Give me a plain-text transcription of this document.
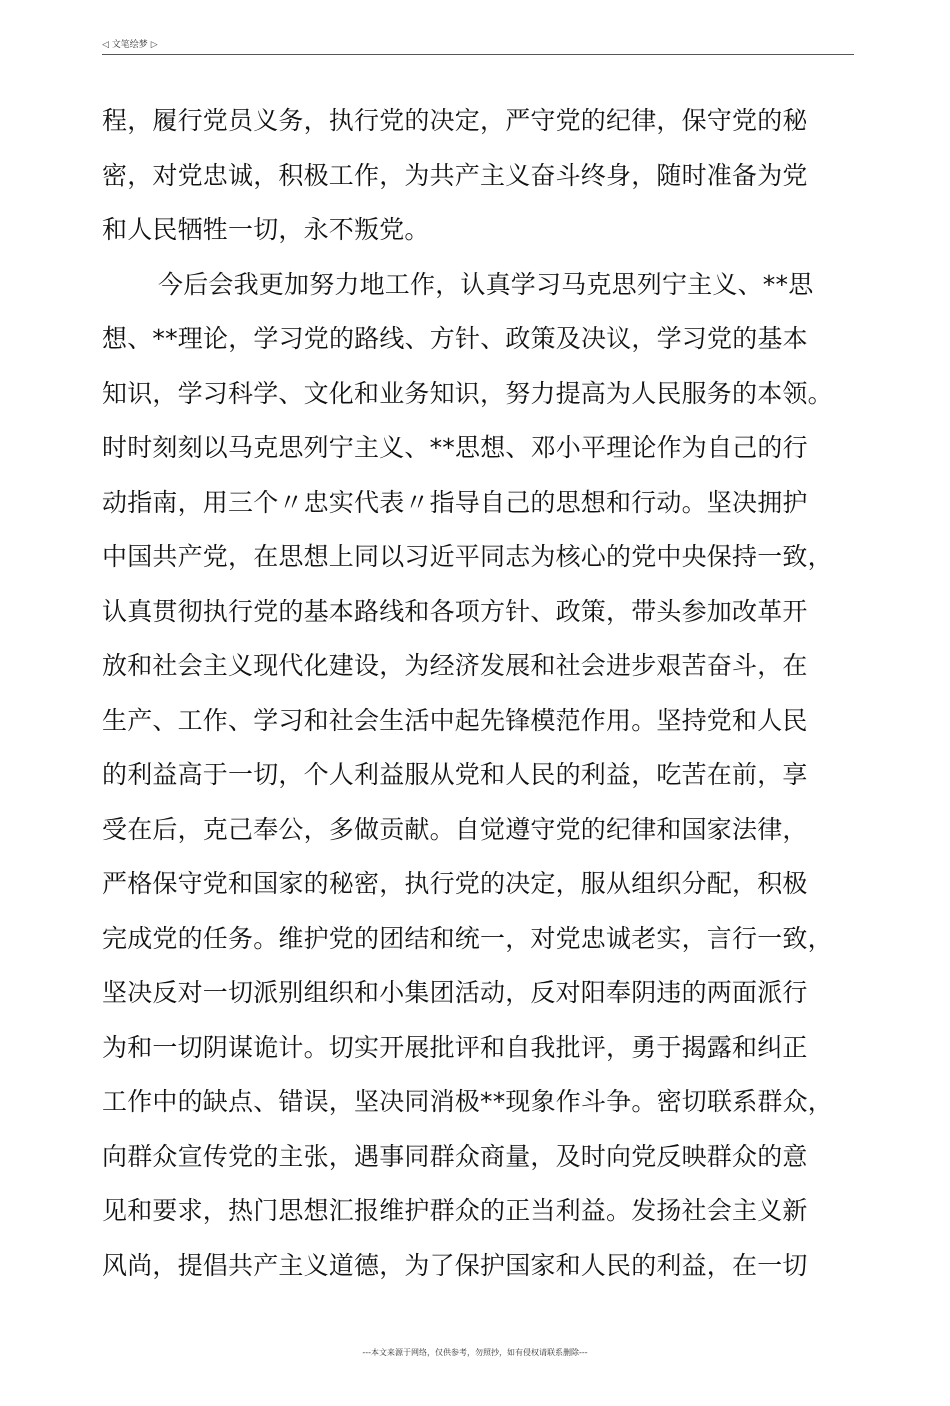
◁ 文笔绘梦 ▷
程，履行党员义务，执行党的决定，严守党的纪律，保守党的秘
密，对党忠诚，积极工作，为共产主义奋斗终身，随时准备为党
和人民牺牲一切，永不叛党。
今后会我更加努力地工作，认真学习马克思列宁主义、**思
想、**理论，学习党的路线、方针、政策及决议，学习党的基本
知识，学习科学、文化和业务知识，努力提高为人民服务的本领。
时时刻刻以马克思列宁主义、**思想、邓小平理论作为自己的行
动指南，用三个〃忠实代表〃指导自己的思想和行动。坚决拥护
中国共产党，在思想上同以习近平同志为核心的党中央保持一致，
认真贯彻执行党的基本路线和各项方针、政策，带头参加改革开
放和社会主义现代化建设，为经济发展和社会进步艰苦奋斗，在
生产、工作、学习和社会生活中起先锋模范作用。坚持党和人民
的利益高于一切，个人利益服从党和人民的利益，吃苦在前，享
受在后，克己奉公，多做贡献。自觉遵守党的纪律和国家法律，
严格保守党和国家的秘密，执行党的决定，服从组织分配，积极
完成党的任务。维护党的团结和统一，对党忠诚老实，言行一致，
坚决反对一切派别组织和小集团活动，反对阳奉阴违的两面派行
为和一切阴谋诡计。切实开展批评和自我批评，勇于揭露和纠正
工作中的缺点、错误，坚决同消极**现象作斗争。密切联系群众，
向群众宣传党的主张，遇事同群众商量，及时向党反映群众的意
见和要求，热门思想汇报维护群众的正当利益。发扬社会主义新
风尚，提倡共产主义道德，为了保护国家和人民的利益，在一切
---本文来源于网络，仅供参考，勿照抄，如有侵权请联系删除---
